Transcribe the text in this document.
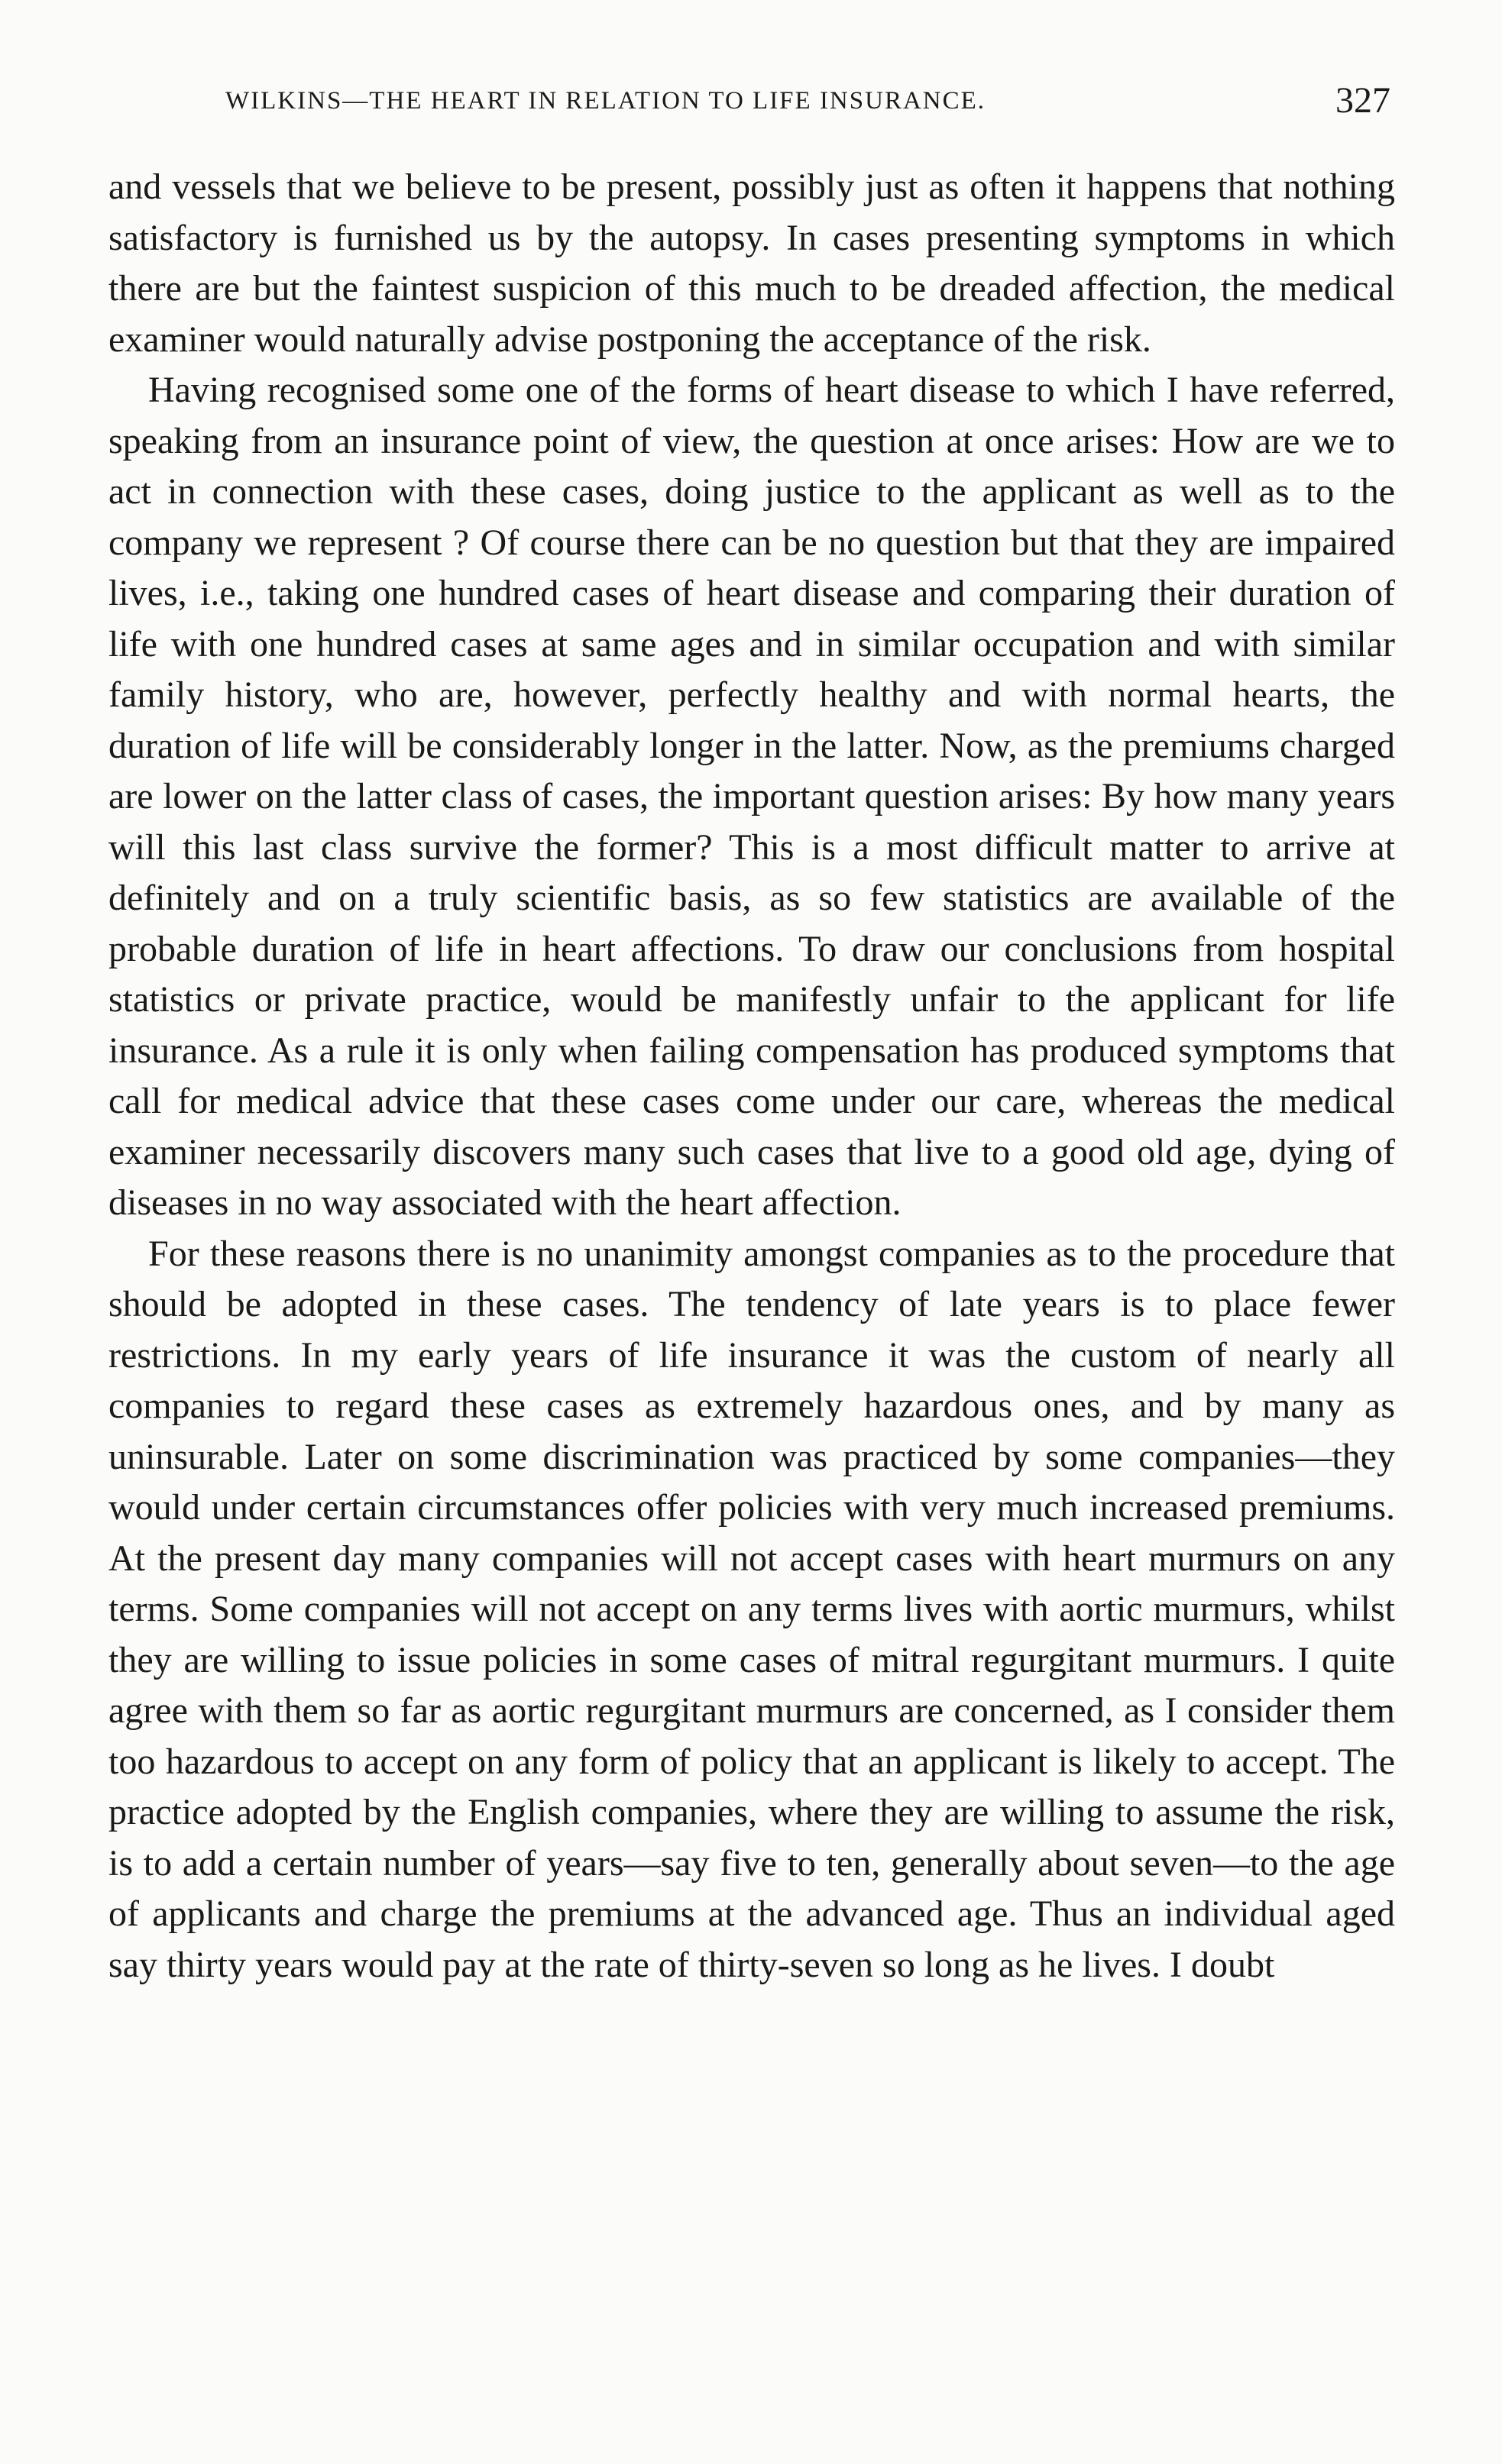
WILKINS—THE HEART IN RELATION TO LIFE INSURANCE.	327

and vessels that we believe to be present, possibly just as often it happens that nothing satisfactory is furnished us by the autopsy. In cases presenting symptoms in which there are but the faintest suspicion of this much to be dreaded affection, the medical examiner would naturally advise postponing the acceptance of the risk.

Having recognised some one of the forms of heart disease to which I have referred, speaking from an insurance point of view, the question at once arises: How are we to act in connection with these cases, doing justice to the applicant as well as to the company we represent ? Of course there can be no question but that they are impaired lives, i.e., taking one hundred cases of heart disease and comparing their duration of life with one hundred cases at same ages and in similar occupation and with similar family history, who are, however, perfectly healthy and with normal hearts, the duration of life will be considerably longer in the latter. Now, as the premiums charged are lower on the latter class of cases, the important question arises: By how many years will this last class survive the former? This is a most difficult matter to arrive at definitely and on a truly scientific basis, as so few statistics are available of the probable duration of life in heart affections. To draw our conclusions from hospital statistics or private practice, would be manifestly unfair to the applicant for life insurance. As a rule it is only when failing compensation has produced symptoms that call for medical advice that these cases come under our care, whereas the medical examiner necessarily discovers many such cases that live to a good old age, dying of diseases in no way associated with the heart affection.

For these reasons there is no unanimity amongst companies as to the procedure that should be adopted in these cases. The tendency of late years is to place fewer restrictions. In my early years of life insurance it was the custom of nearly all companies to regard these cases as extremely hazardous ones, and by many as uninsurable. Later on some discrimination was practiced by some companies—they would under certain circumstances offer policies with very much increased premiums. At the present day many companies will not accept cases with heart murmurs on any terms. Some companies will not accept on any terms lives with aortic murmurs, whilst they are willing to issue policies in some cases of mitral regurgitant murmurs. I quite agree with them so far as aortic regurgitant murmurs are concerned, as I consider them too hazardous to accept on any form of policy that an applicant is likely to accept. The practice adopted by the English companies, where they are willing to assume the risk, is to add a certain number of years—say five to ten, generally about seven—to the age of applicants and charge the premiums at the advanced age. Thus an individual aged say thirty years would pay at the rate of thirty-seven so long as he lives. I doubt
